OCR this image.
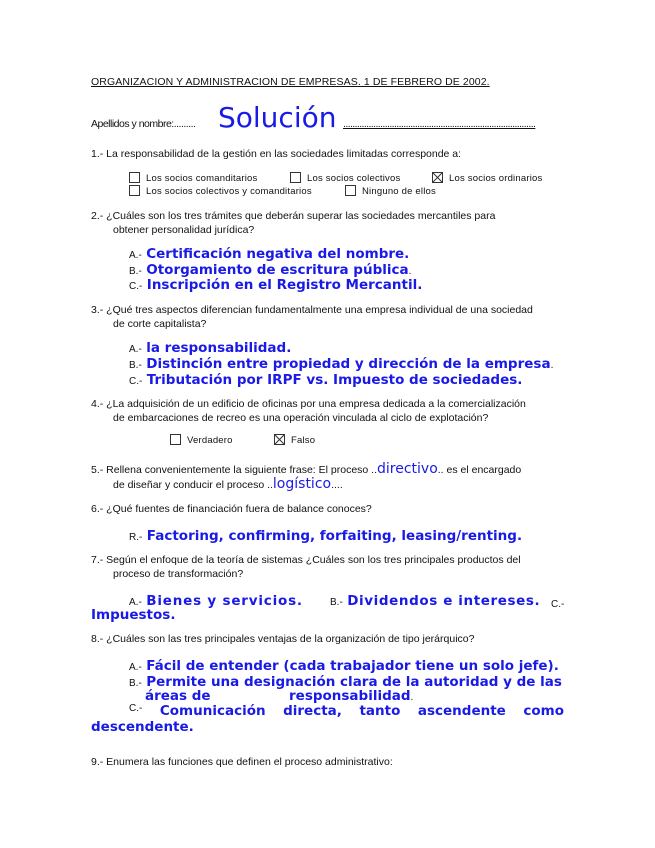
ORGANIZACION Y ADMINISTRACION DE EMPRESAS. 1 DE FEBRERO DE 2002.
Apellidos y nombre:......... Solución ...................................................................................
1.- La responsabilidad de la gestión en las sociedades limitadas corresponde a:
Los socios comanditarios	Los socios colectivos	Los socios ordinarios
Los socios colectivos y comanditarios	Ninguno de ellos
2.- ¿Cuáles son los tres trámites que deberán superar las sociedades mercantiles para
obtener personalidad jurídica?
A.- Certificación negativa del nombre.
B.- Otorgamiento de escritura pública.
C.- Inscripción en el Registro Mercantil.
3.- ¿Qué tres aspectos diferencian fundamentalmente una empresa individual de una sociedad
de corte capitalista?
A.- la responsabilidad.
B.- Distinción entre propiedad y dirección de la empresa.
C.- Tributación por IRPF vs. Impuesto de sociedades.
4.- ¿La adquisición de un edificio de oficinas por una empresa dedicada a la comercialización
de embarcaciones de recreo es una operación vinculada al ciclo de explotación?
Verdadero	Falso
5.- Rellena convenientemente la siguiente frase: El proceso ..directivo.. es el encargado
de diseñar y conducir el proceso ..logístico....
6.- ¿Qué fuentes de financiación fuera de balance conoces?
R.- Factoring, confirming, forfaiting, leasing/renting.
7.- Según el enfoque de la teoría de sistemas ¿Cuáles son los tres principales productos del
proceso de transformación?
A.- Bienes y servicios.	B.- Dividendos e intereses. C.-
Impuestos.
8.- ¿Cuáles son las tres principales ventajas de la organización de tipo jerárquico?
A.- Fácil de entender (cada trabajador tiene un solo jefe).
B.- Permite una designación clara de la autoridad y de las
áreas de	responsabilidad.
C.- Comunicación directa, tanto ascendente como
descendente.
9.- Enumera las funciones que definen el proceso administrativo:
